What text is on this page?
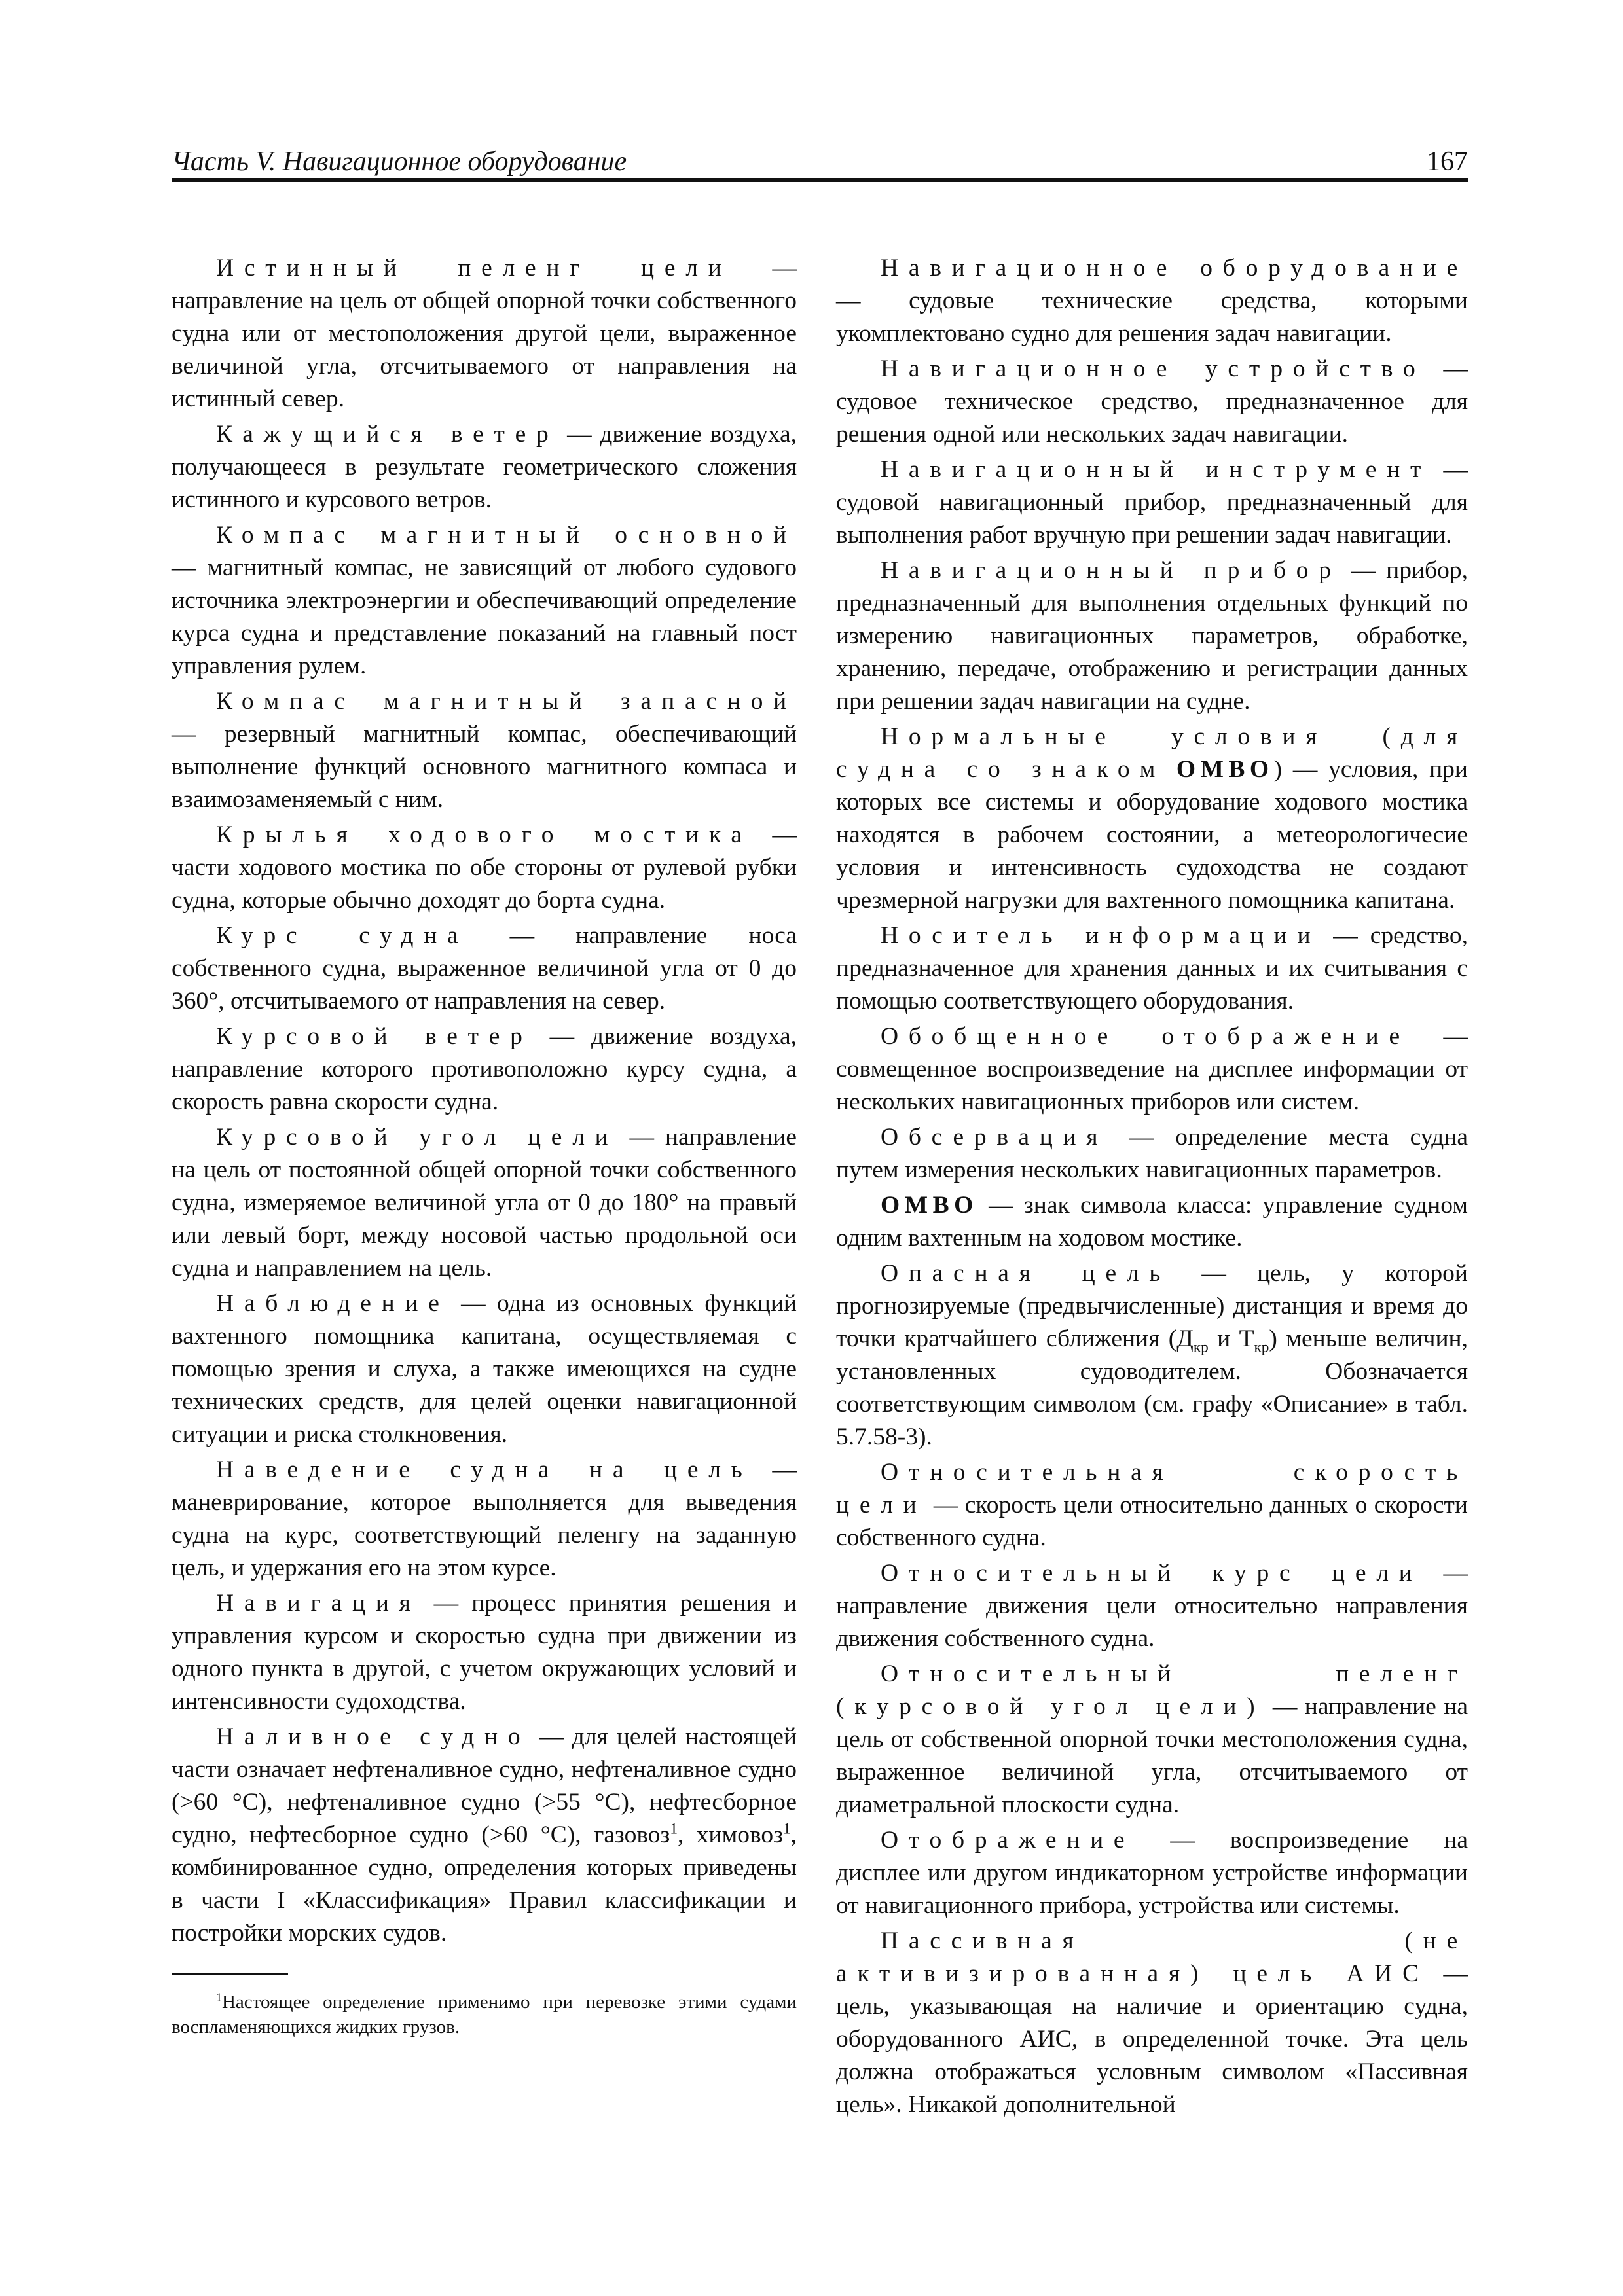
Часть V. Навигационное оборудование	167

Истинный пеленг цели — направление на цель от общей опорной точки собственного судна или от местоположения другой цели, выраженное величиной угла, отсчитываемого от направления на истинный север.

Кажущийся ветер — движение воздуха, получающееся в результате геометрического сложения истинного и курсового ветров.

Компас магнитный основной — магнитный компас, не зависящий от любого судового источника электроэнергии и обеспечивающий определение курса судна и представление показаний на главный пост управления рулем.

Компас магнитный запасной — резервный магнитный компас, обеспечивающий выполнение функций основного магнитного компаса и взаимозаменяемый с ним.

Крылья ходового мостика — части ходового мостика по обе стороны от рулевой рубки судна, которые обычно доходят до борта судна.

Курс судна — направление носа собственного судна, выраженное величиной угла от 0 до 360°, отсчитываемого от направления на север.

Курсовой ветер — движение воздуха, направление которого противоположно курсу судна, а скорость равна скорости судна.

Курсовой угол цели — направление на цель от постоянной общей опорной точки собственного судна, измеряемое величиной угла от 0 до 180° на правый или левый борт, между носовой частью продольной оси судна и направлением на цель.

Наблюдение — одна из основных функций вахтенного помощника капитана, осуществляемая с помощью зрения и слуха, а также имеющихся на судне технических средств, для целей оценки навигационной ситуации и риска столкновения.

Наведение судна на цель — маневрирование, которое выполняется для выведения судна на курс, соответствующий пеленгу на заданную цель, и удержания его на этом курсе.

Навигация — процесс принятия решения и управления курсом и скоростью судна при движении из одного пункта в другой, с учетом окружающих условий и интенсивности судоходства.

Наливное судно — для целей настоящей части означает нефтеналивное судно, нефтеналивное судно (>60 °С), нефтеналивное судно (>55 °С), нефтесборное судно, нефтесборное судно (>60 °С), газовоз$^1$, химовоз$^1$, комбинированное судно, определения которых приведены в части I «Классификация» Правил классификации и постройки морских судов.

$^1$Настоящее определение применимо при перевозке этими судами воспламеняющихся жидких грузов.

Навигационное оборудование — судовые технические средства, которыми укомплектовано судно для решения задач навигации.

Навигационное устройство — судовое техническое средство, предназначенное для решения одной или нескольких задач навигации.

Навигационный инструмент — судовой навигационный прибор, предназначенный для выполнения работ вручную при решении задач навигации.

Навигационный прибор — прибор, предназначенный для выполнения отдельных функций по измерению навигационных параметров, обработке, хранению, передаче, отображению и регистрации данных при решении задач навигации на судне.

Нормальные условия (для судна со знаком OMBO) — условия, при которых все системы и оборудование ходового мостика находятся в рабочем состоянии, а метеорологичесие условия и интенсивность судоходства не создают чрезмерной нагрузки для вахтенного помощника капитана.

Носитель информации — средство, предназначенное для хранения данных и их считывания с помощью соответствующего оборудования.

Обобщенное отображение — совмещенное воспроизведение на дисплее информации от нескольких навигационных приборов или систем.

Обсервация — определение места судна путем измерения нескольких навигационных параметров.

OMBO — знак символа класса: управление судном одним вахтенным на ходовом мостике.

Опасная цель — цель, у которой прогнозируемые (предвычисленные) дистанция и время до точки кратчайшего сближения ($Д_{кр}$ и $Т_{кр}$) меньше величин, установленных судоводителем. Обозначается соответствующим символом (см. графу «Описание» в табл. 5.7.58-3).

Относительная скорость цели — скорость цели относительно данных о скорости собственного судна.

Относительный курс цели — направление движения цели относительно направления движения собственного судна.

Относительный пеленг (курсовой угол цели) — направление на цель от собственной опорной точки местоположения судна, выраженное величиной угла, отсчитываемого от диаметральной плоскости судна.

Отображение — воспроизведение на дисплее или другом индикаторном устройстве информации от навигационного прибора, устройства или системы.

Пассивная (не активизированная) цель АИС — цель, указывающая на наличие и ориентацию судна, оборудованного АИС, в определенной точке. Эта цель должна отображаться условным символом «Пассивная цель». Никакой дополнительной
